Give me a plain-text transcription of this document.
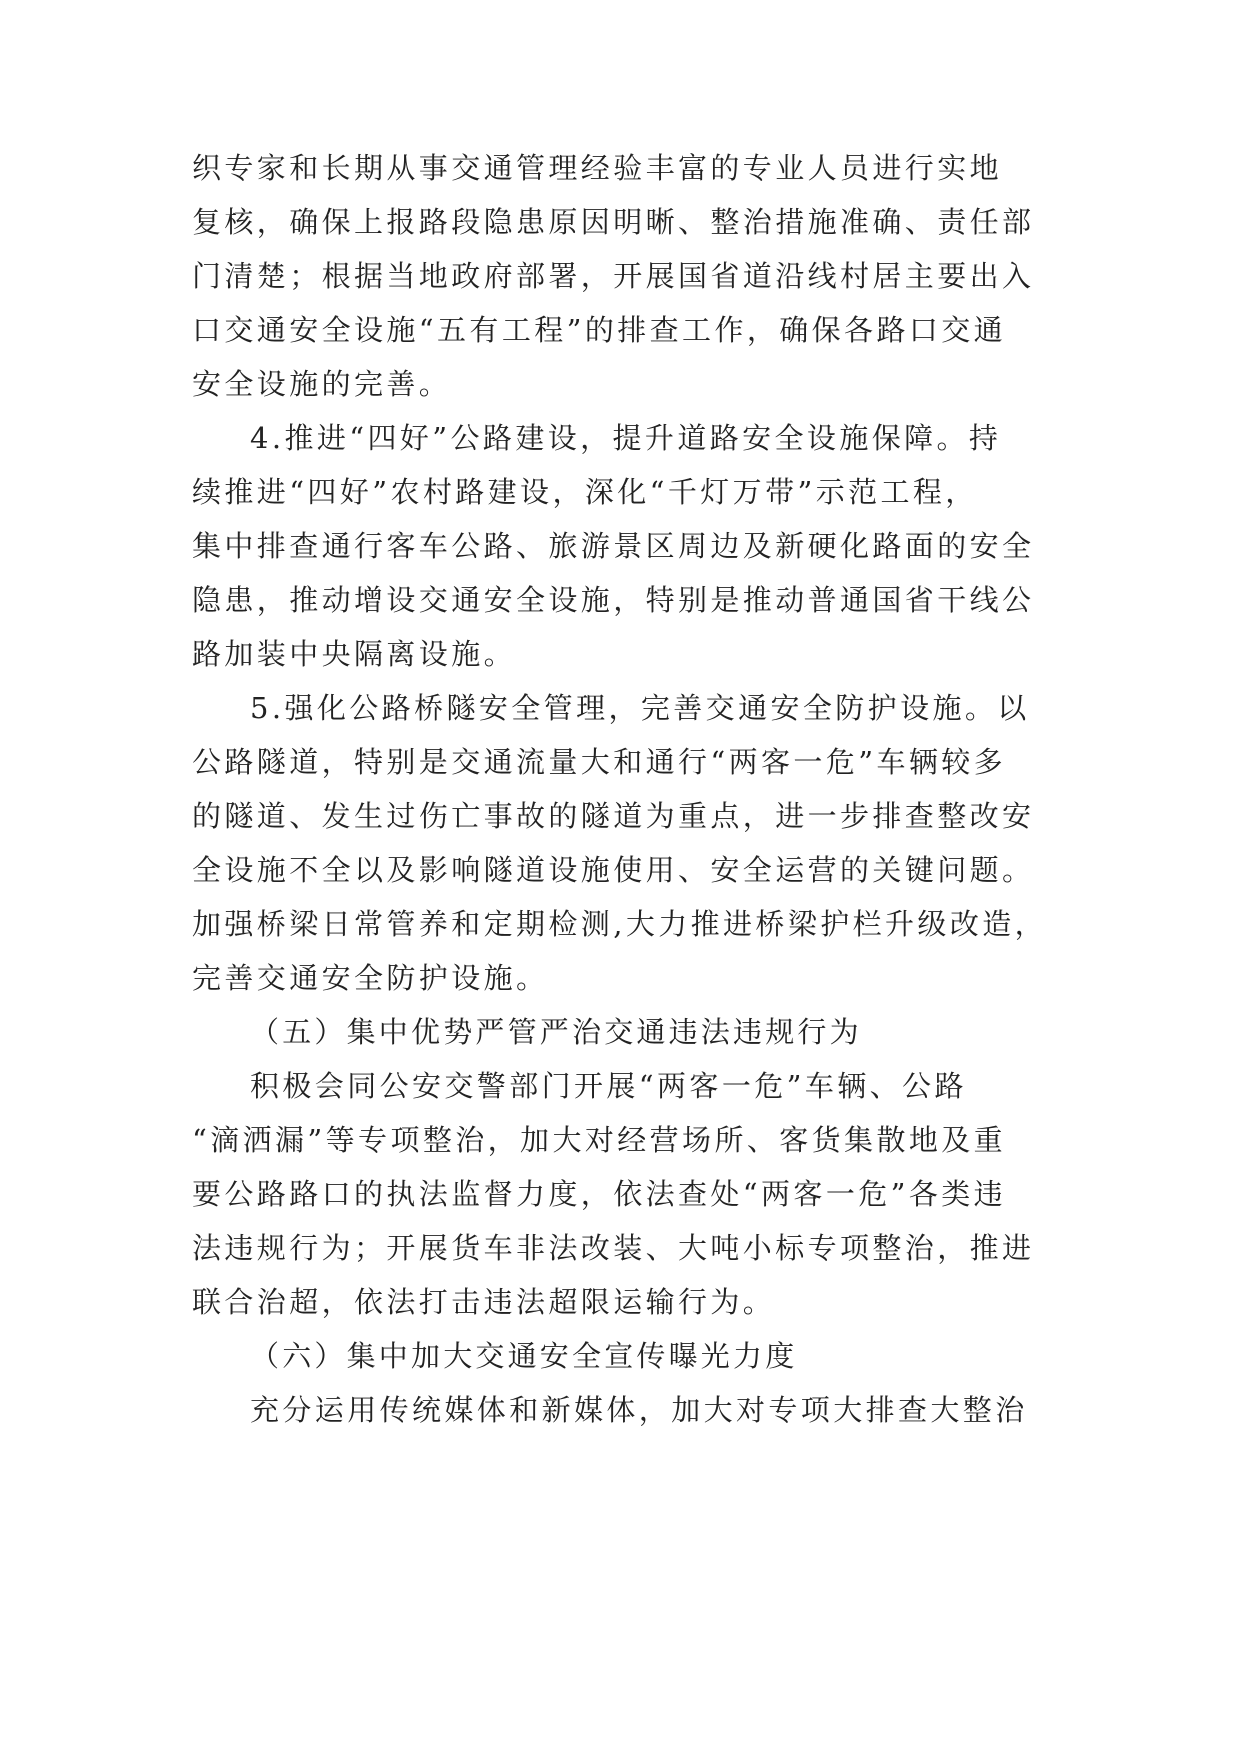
织专家和长期从事交通管理经验丰富的专业人员进行实地
复核，确保上报路段隐患原因明晰、整治措施准确、责任部
门清楚；根据当地政府部署，开展国省道沿线村居主要出入
口交通安全设施“五有工程”的排查工作，确保各路口交通
安全设施的完善。
4.推进“四好”公路建设，提升道路安全设施保障。持
续推进“四好”农村路建设，深化“千灯万带”示范工程，
集中排查通行客车公路、旅游景区周边及新硬化路面的安全
隐患，推动增设交通安全设施，特别是推动普通国省干线公
路加装中央隔离设施。
5.强化公路桥隧安全管理，完善交通安全防护设施。以
公路隧道，特别是交通流量大和通行“两客一危”车辆较多
的隧道、发生过伤亡事故的隧道为重点，进一步排查整改安
全设施不全以及影响隧道设施使用、安全运营的关键问题。
加强桥梁日常管养和定期检测,大力推进桥梁护栏升级改造，
完善交通安全防护设施。
（五）集中优势严管严治交通违法违规行为
积极会同公安交警部门开展“两客一危”车辆、公路
“滴洒漏”等专项整治，加大对经营场所、客货集散地及重
要公路路口的执法监督力度，依法查处“两客一危”各类违
法违规行为；开展货车非法改装、大吨小标专项整治，推进
联合治超，依法打击违法超限运输行为。
（六）集中加大交通安全宣传曝光力度
充分运用传统媒体和新媒体，加大对专项大排查大整治
